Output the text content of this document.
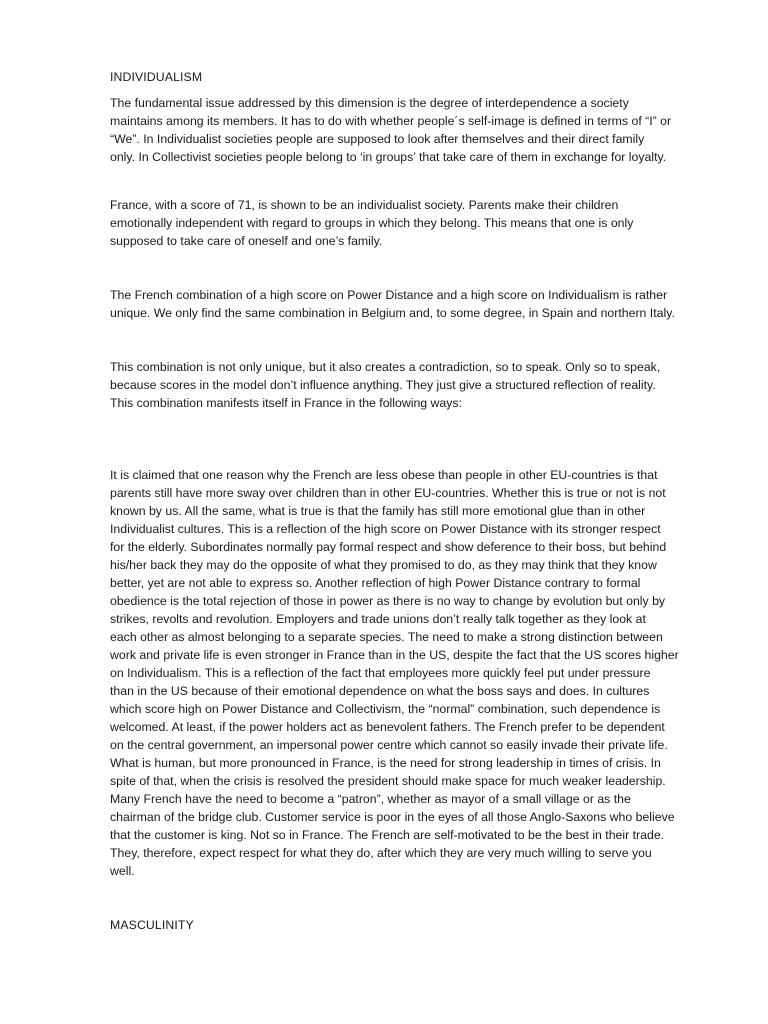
INDIVIDUALISM
The fundamental issue addressed by this dimension is the degree of interdependence a society
maintains among its members. It has to do with whether people´s self-image is defined in terms of “I” or
“We”. In Individualist societies people are supposed to look after themselves and their direct family
only. In Collectivist societies people belong to ‘in groups’ that take care of them in exchange for loyalty.
France, with a score of 71, is shown to be an individualist society. Parents make their children
emotionally independent with regard to groups in which they belong. This means that one is only
supposed to take care of oneself and one’s family.
The French combination of a high score on Power Distance and a high score on Individualism is rather
unique. We only find the same combination in Belgium and, to some degree, in Spain and northern Italy.
This combination is not only unique, but it also creates a contradiction, so to speak. Only so to speak,
because scores in the model don’t influence anything. They just give a structured reflection of reality.
This combination manifests itself in France in the following ways:
It is claimed that one reason why the French are less obese than people in other EU-countries is that
parents still have more sway over children than in other EU-countries. Whether this is true or not is not
known by us. All the same, what is true is that the family has still more emotional glue than in other
Individualist cultures. This is a reflection of the high score on Power Distance with its stronger respect
for the elderly. Subordinates normally pay formal respect and show deference to their boss, but behind
his/her back they may do the opposite of what they promised to do, as they may think that they know
better, yet are not able to express so. Another reflection of high Power Distance contrary to formal
obedience is the total rejection of those in power as there is no way to change by evolution but only by
strikes, revolts and revolution. Employers and trade unions don’t really talk together as they look at
each other as almost belonging to a separate species. The need to make a strong distinction between
work and private life is even stronger in France than in the US, despite the fact that the US scores higher
on Individualism. This is a reflection of the fact that employees more quickly feel put under pressure
than in the US because of their emotional dependence on what the boss says and does. In cultures
which score high on Power Distance and Collectivism, the “normal” combination, such dependence is
welcomed. At least, if the power holders act as benevolent fathers. The French prefer to be dependent
on the central government, an impersonal power centre which cannot so easily invade their private life.
What is human, but more pronounced in France, is the need for strong leadership in times of crisis. In
spite of that, when the crisis is resolved the president should make space for much weaker leadership.
Many French have the need to become a “patron”, whether as mayor of a small village or as the
chairman of the bridge club. Customer service is poor in the eyes of all those Anglo-Saxons who believe
that the customer is king. Not so in France. The French are self-motivated to be the best in their trade.
They, therefore, expect respect for what they do, after which they are very much willing to serve you
well.
MASCULINITY
